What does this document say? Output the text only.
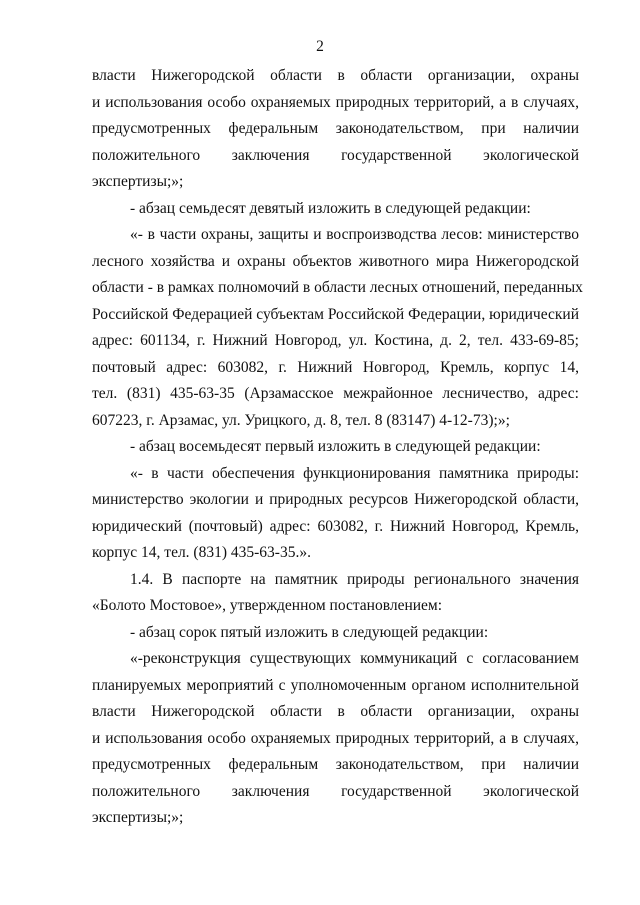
2
власти Нижегородской области в области организации, охраны
и использования особо охраняемых природных территорий, а в случаях,
предусмотренных федеральным законодательством, при наличии
положительного заключения государственной экологической
экспертизы;»;
- абзац семьдесят девятый изложить в следующей редакции:
«- в части охраны, защиты и воспроизводства лесов: министерство
лесного хозяйства и охраны объектов животного мира Нижегородской
области - в рамках полномочий в области лесных отношений, переданных
Российской Федерацией субъектам Российской Федерации, юридический
адрес: 601134, г. Нижний Новгород, ул. Костина, д. 2, тел. 433-69-85;
почтовый адрес: 603082, г. Нижний Новгород, Кремль, корпус 14,
тел. (831) 435-63-35 (Арзамасское межрайонное лесничество, адрес:
607223, г. Арзамас, ул. Урицкого, д. 8, тел. 8 (83147) 4-12-73);»;
- абзац восемьдесят первый изложить в следующей редакции:
«- в части обеспечения функционирования памятника природы:
министерство экологии и природных ресурсов Нижегородской области,
юридический (почтовый) адрес: 603082, г. Нижний Новгород, Кремль,
корпус 14, тел. (831) 435-63-35.».
1.4. В паспорте на памятник природы регионального значения
«Болото Мостовое», утвержденном постановлением:
- абзац сорок пятый изложить в следующей редакции:
«-реконструкция существующих коммуникаций с согласованием
планируемых мероприятий с уполномоченным органом исполнительной
власти Нижегородской области в области организации, охраны
и использования особо охраняемых природных территорий, а в случаях,
предусмотренных федеральным законодательством, при наличии
положительного заключения государственной экологической
экспертизы;»;
